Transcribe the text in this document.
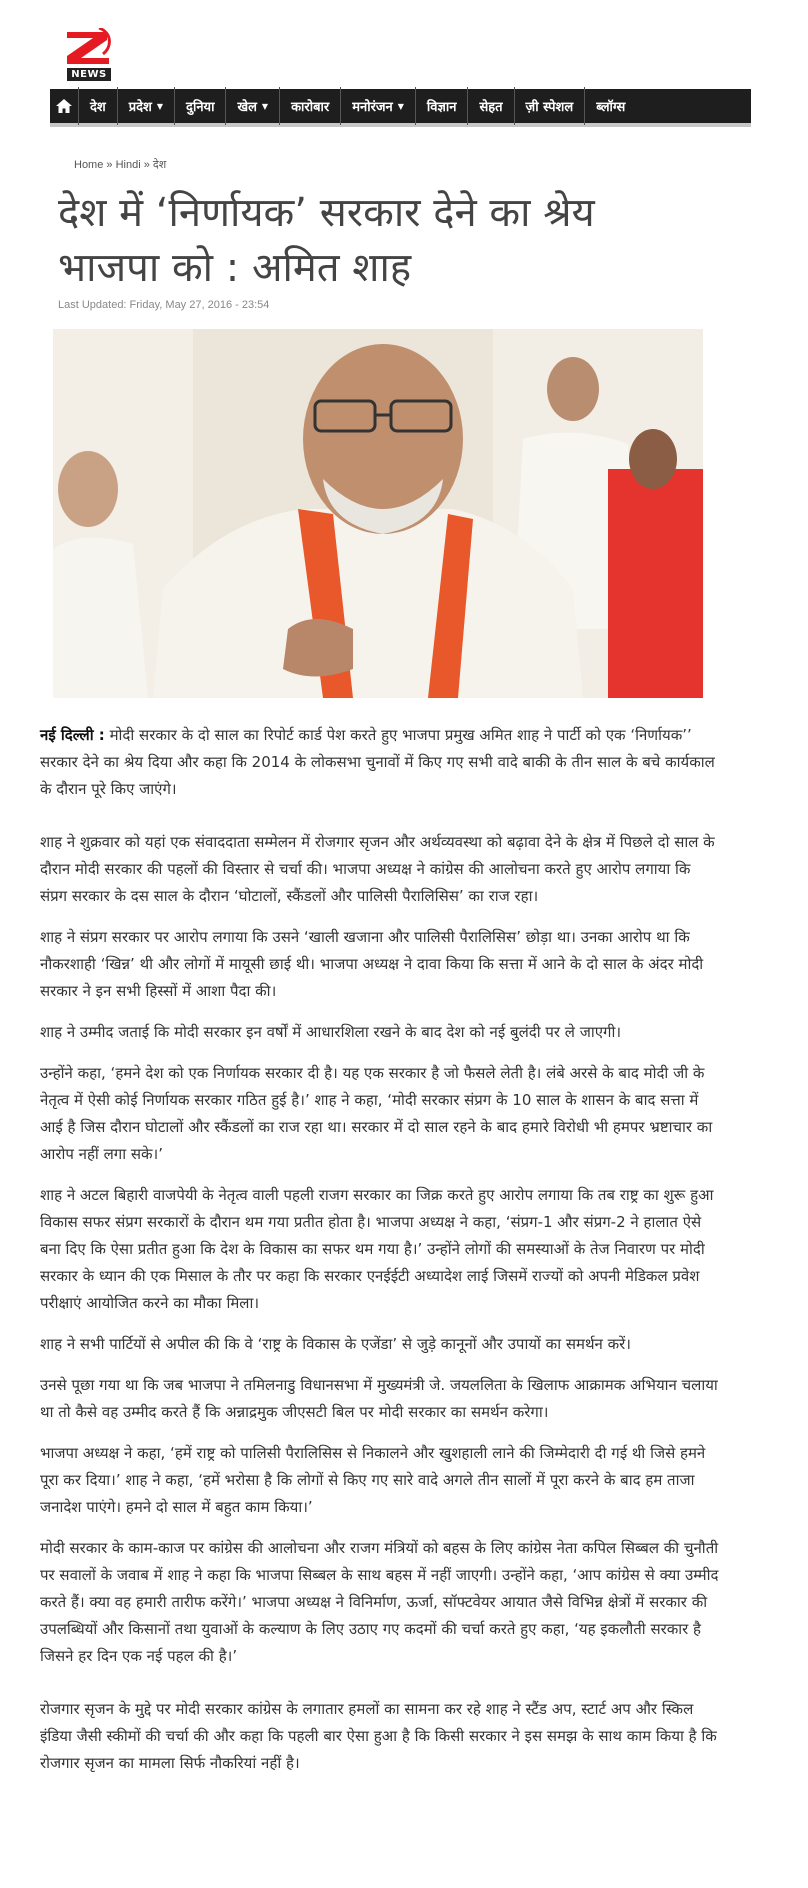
NEWS
देश प्रदेश ▼ दुनिया खेल ▼ कारोबार मनोरंजन ▼ विज्ञान सेहत ज़ी स्पेशल ब्लॉग्स
Home » Hindi » देश
देश में ‘निर्णायक’ सरकार देने का श्रेय भाजपा को : अमित शाह
Last Updated: Friday, May 27, 2016 - 23:54

नई दिल्ली : मोदी सरकार के दो साल का रिपोर्ट कार्ड पेश करते हुए भाजपा प्रमुख अमित शाह ने पार्टी को एक ‘निर्णायक’’ सरकार देने का श्रेय दिया और कहा कि 2014 के लोकसभा चुनावों में किए गए सभी वादे बाकी के तीन साल के बचे कार्यकाल के दौरान पूरे किए जाएंगे।

शाह ने शुक्रवार को यहां एक संवाददाता सम्मेलन में रोजगार सृजन और अर्थव्यवस्था को बढ़ावा देने के क्षेत्र में पिछले दो साल के दौरान मोदी सरकार की पहलों की विस्तार से चर्चा की। भाजपा अध्यक्ष ने कांग्रेस की आलोचना करते हुए आरोप लगाया कि संप्रग सरकार के दस साल के दौरान ‘घोटालों, स्कैंडलों और पालिसी पैरालिसिस’ का राज रहा।

शाह ने संप्रग सरकार पर आरोप लगाया कि उसने ‘खाली खजाना और पालिसी पैरालिसिस’ छोड़ा था। उनका आरोप था कि नौकरशाही ‘खिन्न’ थी और लोगों में मायूसी छाई थी। भाजपा अध्यक्ष ने दावा किया कि सत्ता में आने के दो साल के अंदर मोदी सरकार ने इन सभी हिस्सों में आशा पैदा की।

शाह ने उम्मीद जताई कि मोदी सरकार इन वर्षों में आधारशिला रखने के बाद देश को नई बुलंदी पर ले जाएगी।

उन्होंने कहा, ‘हमने देश को एक निर्णायक सरकार दी है। यह एक सरकार है जो फैसले लेती है। लंबे अरसे के बाद मोदी जी के नेतृत्व में ऐसी कोई निर्णायक सरकार गठित हुई है।’ शाह ने कहा, ‘मोदी सरकार संप्रग के 10 साल के शासन के बाद सत्ता में आई है जिस दौरान घोटालों और स्कैंडलों का राज रहा था। सरकार में दो साल रहने के बाद हमारे विरोधी भी हमपर भ्रष्टाचार का आरोप नहीं लगा सके।’

शाह ने अटल बिहारी वाजपेयी के नेतृत्व वाली पहली राजग सरकार का जिक्र करते हुए आरोप लगाया कि तब राष्ट्र का शुरू हुआ विकास सफर संप्रग सरकारों के दौरान थम गया प्रतीत होता है। भाजपा अध्यक्ष ने कहा, ‘संप्रग-1 और संप्रग-2 ने हालात ऐसे बना दिए कि ऐसा प्रतीत हुआ कि देश के विकास का सफर थम गया है।’ उन्होंने लोगों की समस्याओं के तेज निवारण पर मोदी सरकार के ध्यान की एक मिसाल के तौर पर कहा कि सरकार एनईईटी अध्यादेश लाई जिसमें राज्यों को अपनी मेडिकल प्रवेश परीक्षाएं आयोजित करने का मौका मिला।

शाह ने सभी पार्टियों से अपील की कि वे ‘राष्ट्र के विकास के एजेंडा’ से जुड़े कानूनों और उपायों का समर्थन करें।

उनसे पूछा गया था कि जब भाजपा ने तमिलनाडु विधानसभा में मुख्यमंत्री जे. जयललिता के खिलाफ आक्रामक अभियान चलाया था तो कैसे वह उम्मीद करते हैं कि अन्नाद्रमुक जीएसटी बिल पर मोदी सरकार का समर्थन करेगा।

भाजपा अध्यक्ष ने कहा, ‘हमें राष्ट्र को पालिसी पैरालिसिस से निकालने और खुशहाली लाने की जिम्मेदारी दी गई थी जिसे हमने पूरा कर दिया।’ शाह ने कहा, ‘हमें भरोसा है कि लोगों से किए गए सारे वादे अगले तीन सालों में पूरा करने के बाद हम ताजा जनादेश पाएंगे। हमने दो साल में बहुत काम किया।’

मोदी सरकार के काम-काज पर कांग्रेस की आलोचना और राजग मंत्रियों को बहस के लिए कांग्रेस नेता कपिल सिब्बल की चुनौती पर सवालों के जवाब में शाह ने कहा कि भाजपा सिब्बल के साथ बहस में नहीं जाएगी। उन्होंने कहा, ‘आप कांग्रेस से क्या उम्मीद करते हैं। क्या वह हमारी तारीफ करेंगे।’ भाजपा अध्यक्ष ने विनिर्माण, ऊर्जा, सॉफ्टवेयर आयात जैसे विभिन्न क्षेत्रों में सरकार की उपलब्धियों और किसानों तथा युवाओं के कल्याण के लिए उठाए गए कदमों की चर्चा करते हुए कहा, ‘यह इकलौती सरकार है जिसने हर दिन एक नई पहल की है।’

रोजगार सृजन के मुद्दे पर मोदी सरकार कांग्रेस के लगातार हमलों का सामना कर रहे शाह ने स्टैंड अप, स्टार्ट अप और स्किल इंडिया जैसी स्कीमों की चर्चा की और कहा कि पहली बार ऐसा हुआ है कि किसी सरकार ने इस समझ के साथ काम किया है कि रोजगार सृजन का मामला सिर्फ नौकरियां नहीं है।
